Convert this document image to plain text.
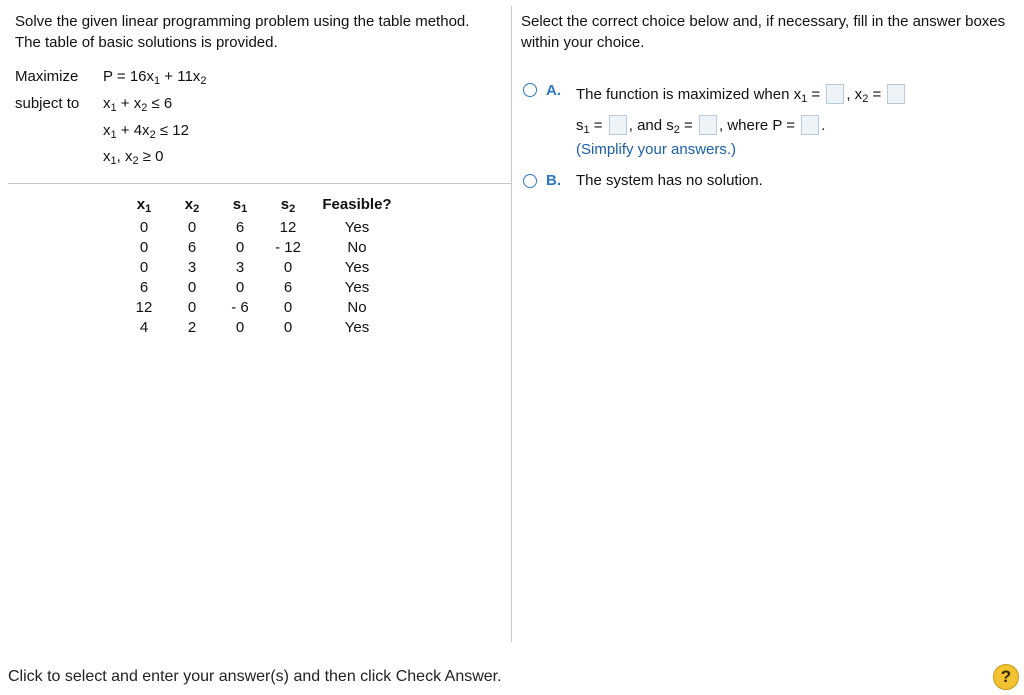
Solve the given linear programming problem using the table method. The table of basic solutions is provided.
Maximize $P = 16x_1 + 11x_2$
subject to $x_1 + x_2 \le 6$
$x_1 + 4x_2 \le 12$
$x_1$, $x_2 \ge 0$
$x_1$	$x_2$	$s_1$	$s_2$	Feasible?
0	0	6	12	Yes
0	6	0	- 12	No
0	3	3	0	Yes
6	0	0	6	Yes
12	0	- 6	0	No
4	2	0	0	Yes
Select the correct choice below and, if necessary, fill in the answer boxes within your choice.
A. The function is maximized when $x_1$ = , $x_2$ =
$s_1$ = , and $s_2$ = , where P = .
(Simplify your answers.)
B. The system has no solution.
Click to select and enter your answer(s) and then click Check Answer.	?
